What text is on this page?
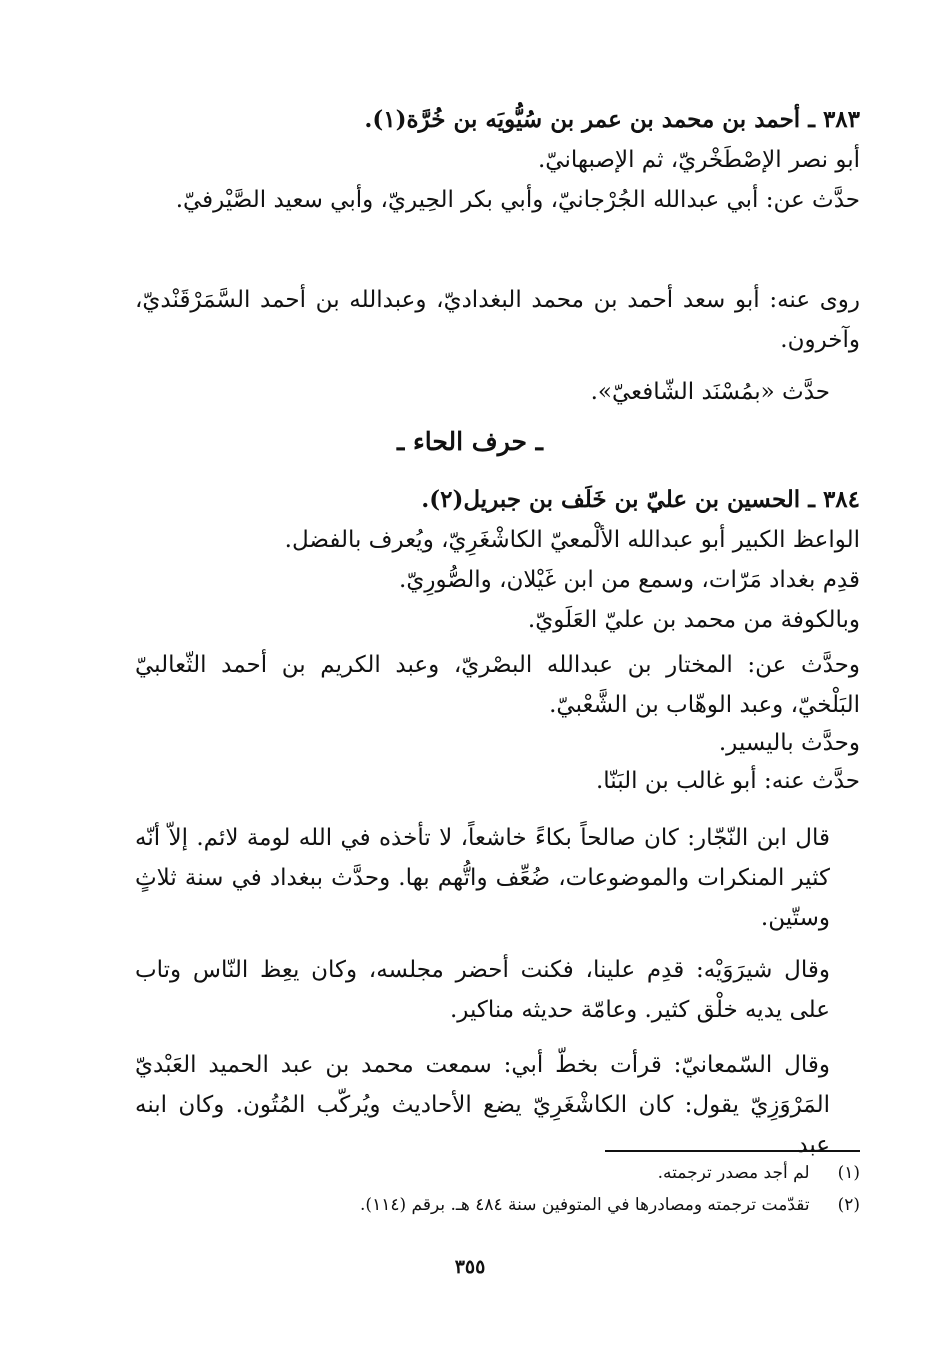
٣٨٣ ـ أحمد بن محمد بن عمر بن سُيُّويَه بن خُرَّة(١).
أبو نصر الإصْطَخْريّ، ثم الإصبهانيّ.
حدَّث عن: أبي عبدالله الجُرْجانيّ، وأبي بكر الحِيريّ، وأبي سعيد الصَّيْرفيّ.
روى عنه: أبو سعد أحمد بن محمد البغداديّ، وعبدالله بن أحمد السَّمَرْقَنْديّ، وآخرون.
حدَّث «بمُسْنَد الشّافعيّ».
ـ حرف الحاء ـ
٣٨٤ ـ الحسين بن عليّ بن خَلَف بن جبريل(٢).
الواعظ الكبير أبو عبدالله الألْمعيّ الكاشْغَرِيّ، ويُعرف بالفضل.
قدِم بغداد مَرّات، وسمع من ابن غَيْلان، والصُّورِيّ.
وبالكوفة من محمد بن عليّ العَلَويّ.
وحدَّث عن: المختار بن عبدالله البصْريّ، وعبد الكريم بن أحمد الثّعالبيّ البَلْخيّ، وعبد الوهّاب بن الشَّعْبيّ.
وحدَّث باليسير.
حدَّث عنه: أبو غالب بن البَنّا.
قال ابن النّجّار: كان صالحاً بكاءً خاشعاً، لا تأخذه في الله لومة لائم. إلاّ أنّه كثير المنكرات والموضوعات، ضُعِّف واتُّهم بها. وحدَّث ببغداد في سنة ثلاثٍ وستّين.
وقال شيرَوَيْه: قدِم علينا، فكنت أحضر مجلسه، وكان يعِظ النّاس وتاب على يديه خلْق كثير. وعامّة حديثه مناكير.
وقال السّمعانيّ: قرأت بخطّ أبي: سمعت محمد بن عبد الحميد العَبْديّ المَرْوَزِيّ يقول: كان الكاشْغَرِيّ يضع الأحاديث ويُركّب المُتُون. وكان ابنه عبد
(١) لم أجد مصدر ترجمته.
(٢) تقدّمت ترجمته ومصادرها في المتوفين سنة ٤٨٤ هـ. برقم (١١٤).
٣٥٥
